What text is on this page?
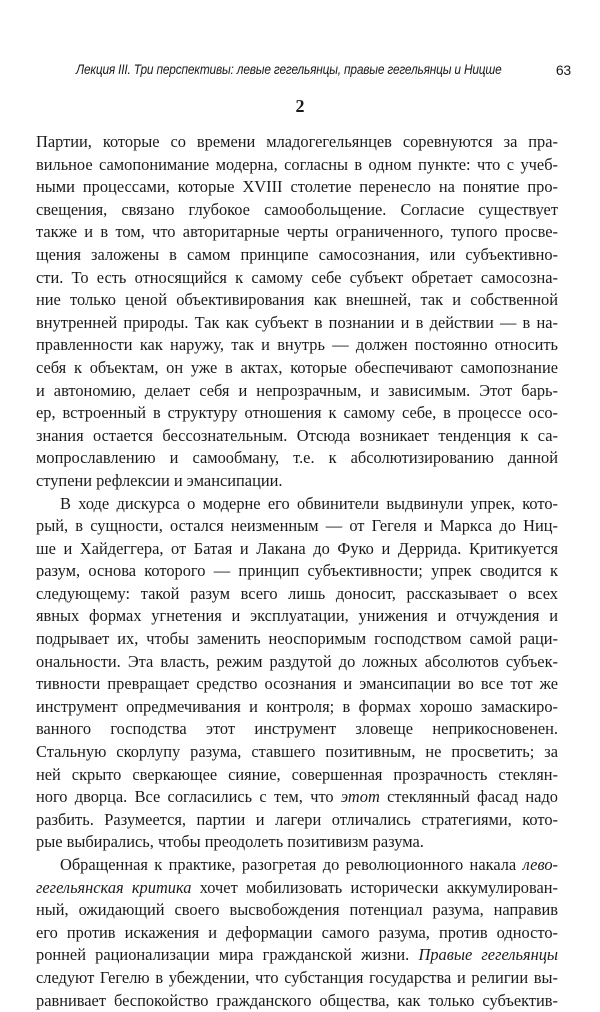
Лекция III. Три перспективы: левые гегельянцы, правые гегельянцы и Ницше	63
2
Партии, которые со времени младогегельянцев соревнуются за пра-
вильное самопонимание модерна, согласны в одном пункте: что с учеб-
ными процессами, которые XVIII столетие перенесло на понятие про-
свещения, связано глубокое самообольщение. Согласие существует
также и в том, что авторитарные черты ограниченного, тупого просве-
щения заложены в самом принципе самосознания, или субъективно-
сти. То есть относящийся к самому себе субъект обретает самосозна-
ние только ценой объективирования как внешней, так и собственной
внутренней природы. Так как субъект в познании и в действии — в на-
правленности как наружу, так и внутрь — должен постоянно относить
себя к объектам, он уже в актах, которые обеспечивают самопознание
и автономию, делает себя и непрозрачным, и зависимым. Этот барь-
ер, встроенный в структуру отношения к самому себе, в процессе осо-
знания остается бессознательным. Отсюда возникает тенденция к са-
мопрославлению и самообману, т.е. к абсолютизированию данной
ступени рефлексии и эмансипации.
В ходе дискурса о модерне его обвинители выдвинули упрек, кото-
рый, в сущности, остался неизменным — от Гегеля и Маркса до Ниц-
ше и Хайдеггера, от Батая и Лакана до Фуко и Деррида. Критикуется
разум, основа которого — принцип субъективности; упрек сводится к
следующему: такой разум всего лишь доносит, рассказывает о всех
явных формах угнетения и эксплуатации, унижения и отчуждения и
подрывает их, чтобы заменить неоспоримым господством самой раци-
ональности. Эта власть, режим раздутой до ложных абсолютов субъек-
тивности превращает средство осознания и эмансипации во все тот же
инструмент опредмечивания и контроля; в формах хорошо замаскиро-
ванного господства этот инструмент зловеще неприкосновенен.
Стальную скорлупу разума, ставшего позитивным, не просветить; за
ней скрыто сверкающее сияние, совершенная прозрачность стеклян-
ного дворца. Все согласились с тем, что этот стеклянный фасад надо
разбить. Разумеется, партии и лагери отличались стратегиями, кото-
рые выбирались, чтобы преодолеть позитивизм разума.
Обращенная к практике, разогретая до революционного накала лево-
гегельянская критика хочет мобилизовать исторически аккумулирован-
ный, ожидающий своего высвобождения потенциал разума, направив
его против искажения и деформации самого разума, против односто-
ронней рационализации мира гражданской жизни. Правые гегельянцы
следуют Гегелю в убеждении, что субстанция государства и религии вы-
равнивает беспокойство гражданского общества, как только субъектив-
